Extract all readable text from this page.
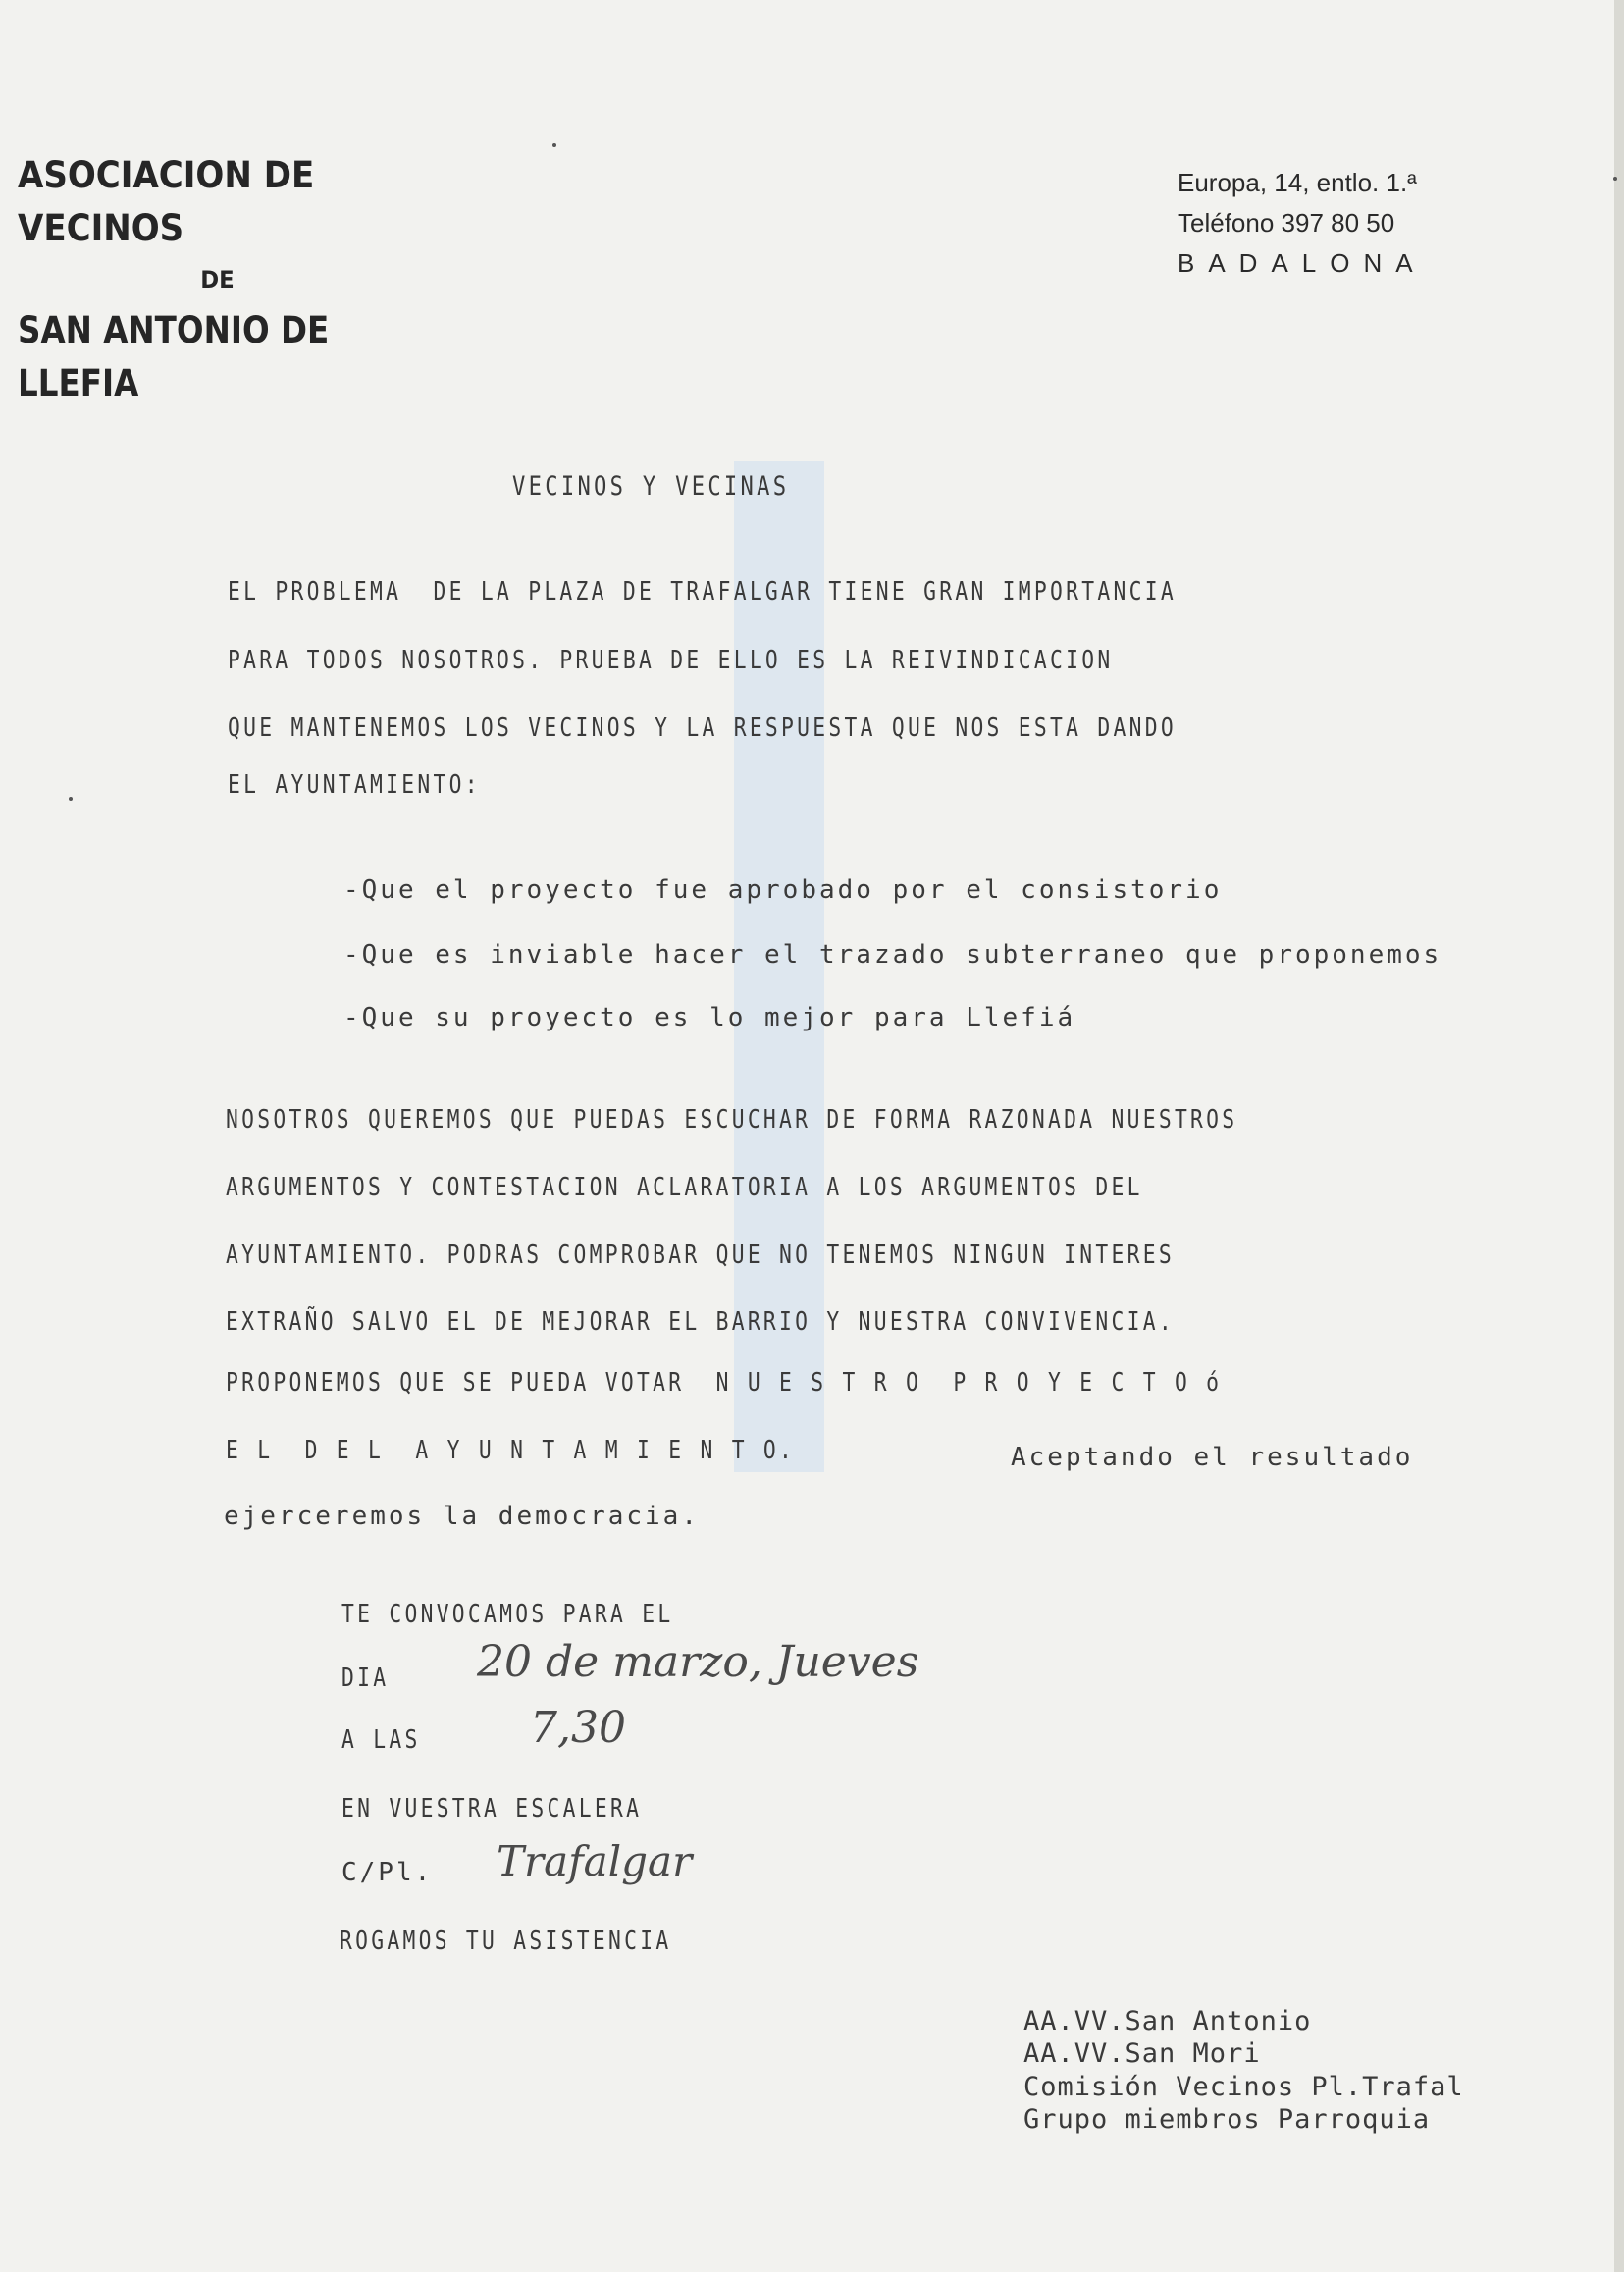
ASOCIACION DE VECINOS
DE
SAN ANTONIO DE LLEFIA
Europa, 14, entlo. 1.ª
Teléfono 397 80 50
BADALONA
VECINOS Y VECINAS
EL PROBLEMA  DE LA PLAZA DE TRAFALGAR TIENE GRAN IMPORTANCIA
PARA TODOS NOSOTROS. PRUEBA DE ELLO ES LA REIVINDICACION
QUE MANTENEMOS LOS VECINOS Y LA RESPUESTA QUE NOS ESTA DANDO
EL AYUNTAMIENTO:
-Que el proyecto fue aprobado por el consistorio
-Que es inviable hacer el trazado subterraneo que proponemos
-Que su proyecto es lo mejor para Llefiá
NOSOTROS QUEREMOS QUE PUEDAS ESCUCHAR DE FORMA RAZONADA NUESTROS
ARGUMENTOS Y CONTESTACION ACLARATORIA A LOS ARGUMENTOS DEL
AYUNTAMIENTO. PODRAS COMPROBAR QUE NO TENEMOS NINGUN INTERES
EXTRAÑO SALVO EL DE MEJORAR EL BARRIO Y NUESTRA CONVIVENCIA.
PROPONEMOS QUE SE PUEDA VOTAR  N U E S T R O  P R O Y E C T O ó
E L  D E L  A Y U N T A M I E N T O.	Aceptando el resultado
ejerceremos la democracia.
TE CONVOCAMOS PARA EL
DIA 20 de marzo, Jueves
A LAS	7,30
EN VUESTRA ESCALERA
C/Pl. Trafalgar
ROGAMOS TU ASISTENCIA
AA.VV.San Antonio
AA.VV.San Mori
Comisión Vecinos Pl.Trafal
Grupo miembros Parroquia
